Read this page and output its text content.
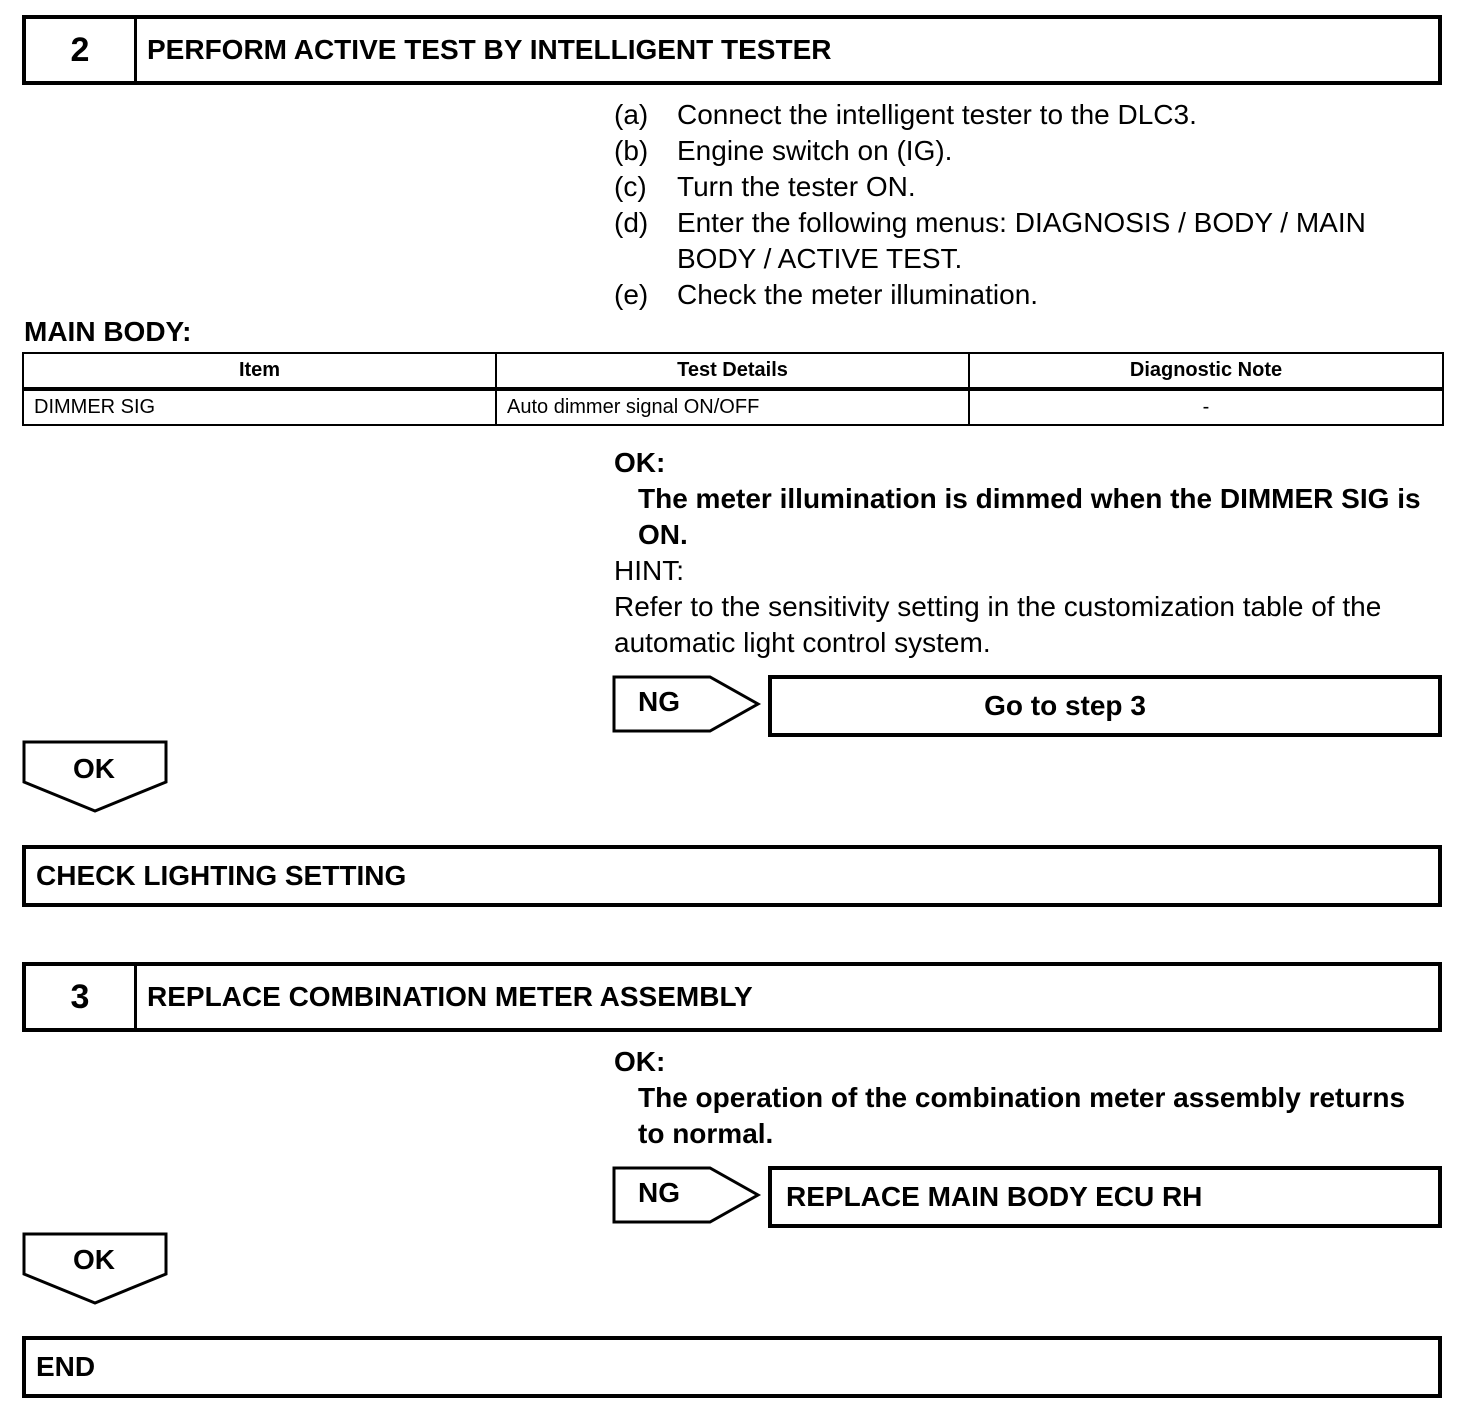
2	PERFORM ACTIVE TEST BY INTELLIGENT TESTER
(a)	Connect the intelligent tester to the DLC3.
(b)	Engine switch on (IG).
(c)	Turn the tester ON.
(d)	Enter the following menus: DIAGNOSIS / BODY / MAIN BODY / ACTIVE TEST.
(e)	Check the meter illumination.
MAIN BODY:
Item	Test Details	Diagnostic Note
DIMMER SIG	Auto dimmer signal ON/OFF	-
OK:
The meter illumination is dimmed when the DIMMER SIG is ON.
HINT:
Refer to the sensitivity setting in the customization table of the automatic light control system.
NG	Go to step 3
OK
CHECK LIGHTING SETTING
3	REPLACE COMBINATION METER ASSEMBLY
OK:
The operation of the combination meter assembly returns to normal.
NG	REPLACE MAIN BODY ECU RH
OK
END
